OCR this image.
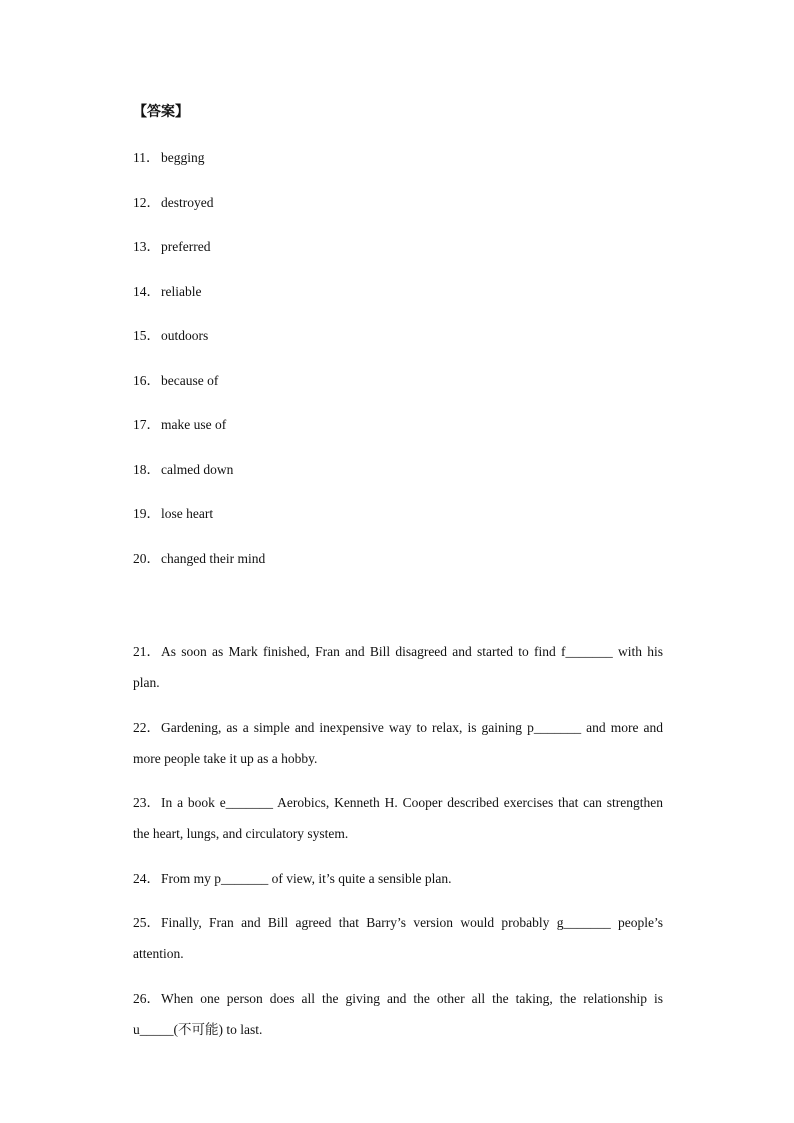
【答案】
11． begging
12．destroyed
13．preferred
14．reliable
15．outdoors
16．because of
17．make use of
18．calmed down
19．lose heart
20．changed their mind
21．As soon as Mark finished, Fran and Bill disagreed and started to find f_______ with his plan.
22．Gardening, as a simple and inexpensive way to relax, is gaining p_______ and more and more people take it up as a hobby.
23．In a book e_______ Aerobics, Kenneth H. Cooper described exercises that can strengthen the heart, lungs, and circulatory system.
24．From my p_______ of view, it’s quite a sensible plan.
25．Finally, Fran and Bill agreed that Barry’s version would probably g_______ people’s attention.
26．When one person does all the giving and the other all the taking, the relationship is u_____(不可能) to last.
